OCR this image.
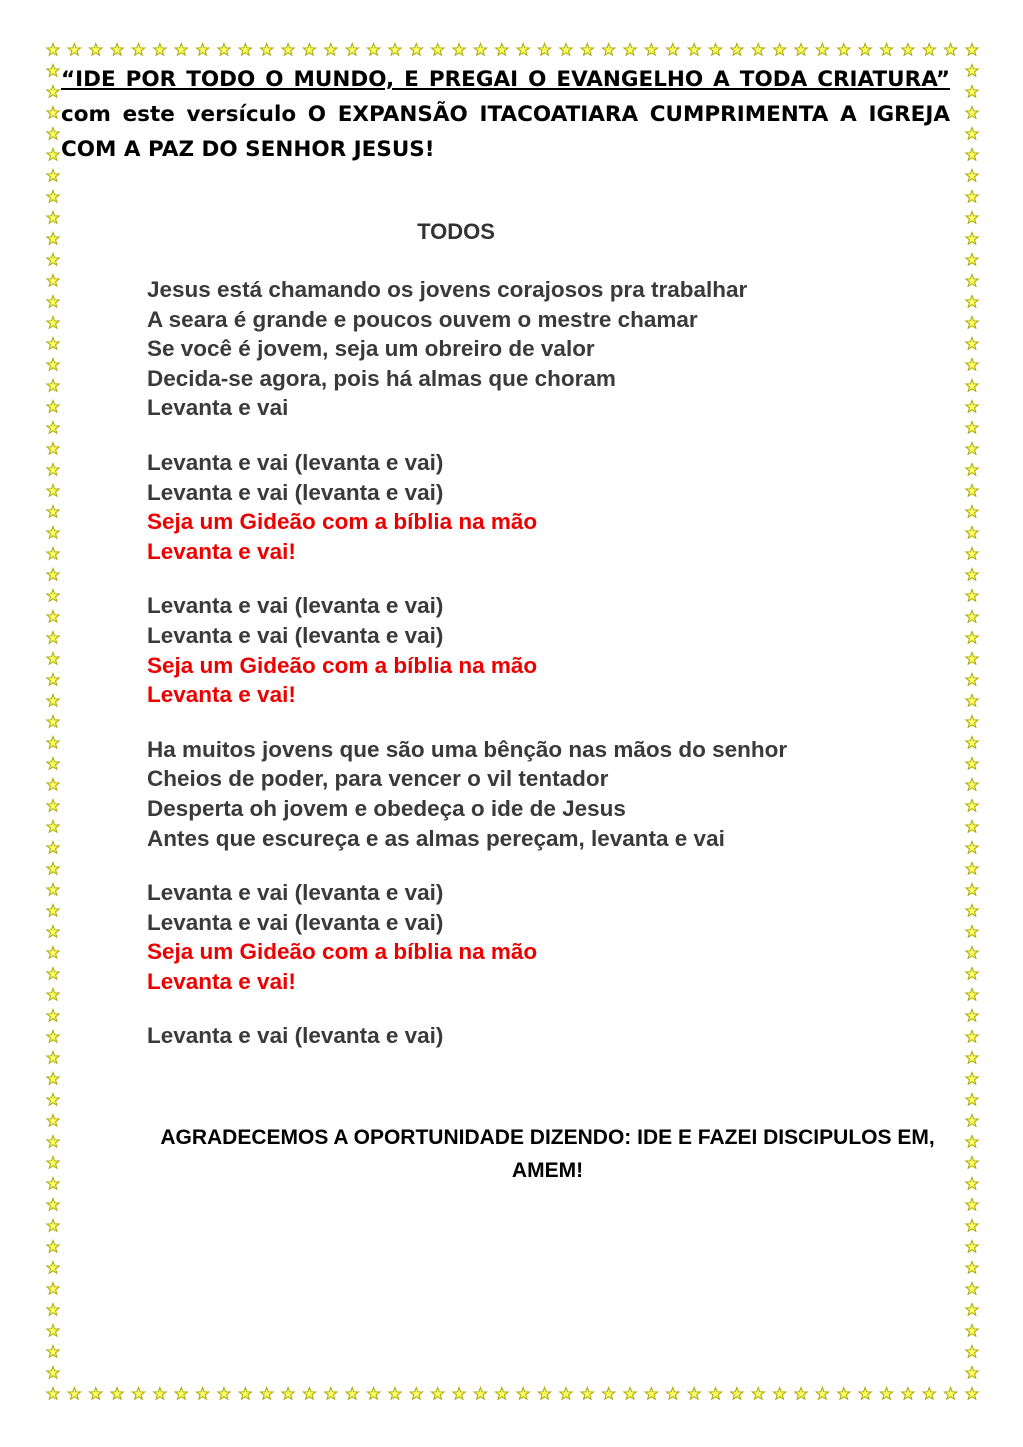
“IDE POR TODO O MUNDO, E PREGAI O EVANGELHO A TODA CRIATURA” com este versículo O EXPANSÃO ITACOATIARA CUMPRIMENTA A IGREJA COM A PAZ DO SENHOR JESUS!
TODOS
Jesus está chamando os jovens corajosos pra trabalhar
A seara é grande e poucos ouvem o mestre chamar
Se você é jovem, seja um obreiro de valor
Decida-se agora, pois há almas que choram
Levanta e vai
Levanta e vai (levanta e vai)
Levanta e vai (levanta e vai)
Seja um Gideão com a bíblia na mão
Levanta e vai!
Levanta e vai (levanta e vai)
Levanta e vai (levanta e vai)
Seja um Gideão com a bíblia na mão
Levanta e vai!
Ha muitos jovens que são uma bênção nas mãos do senhor
Cheios de poder, para vencer o vil tentador
Desperta oh jovem e obedeça o ide de Jesus
Antes que escureça e as almas pereçam, levanta e vai
Levanta e vai (levanta e vai)
Levanta e vai (levanta e vai)
Seja um Gideão com a bíblia na mão
Levanta e vai!
Levanta e vai (levanta e vai)
AGRADECEMOS A OPORTUNIDADE DIZENDO: IDE E FAZEI DISCIPULOS EM, AMEM!
